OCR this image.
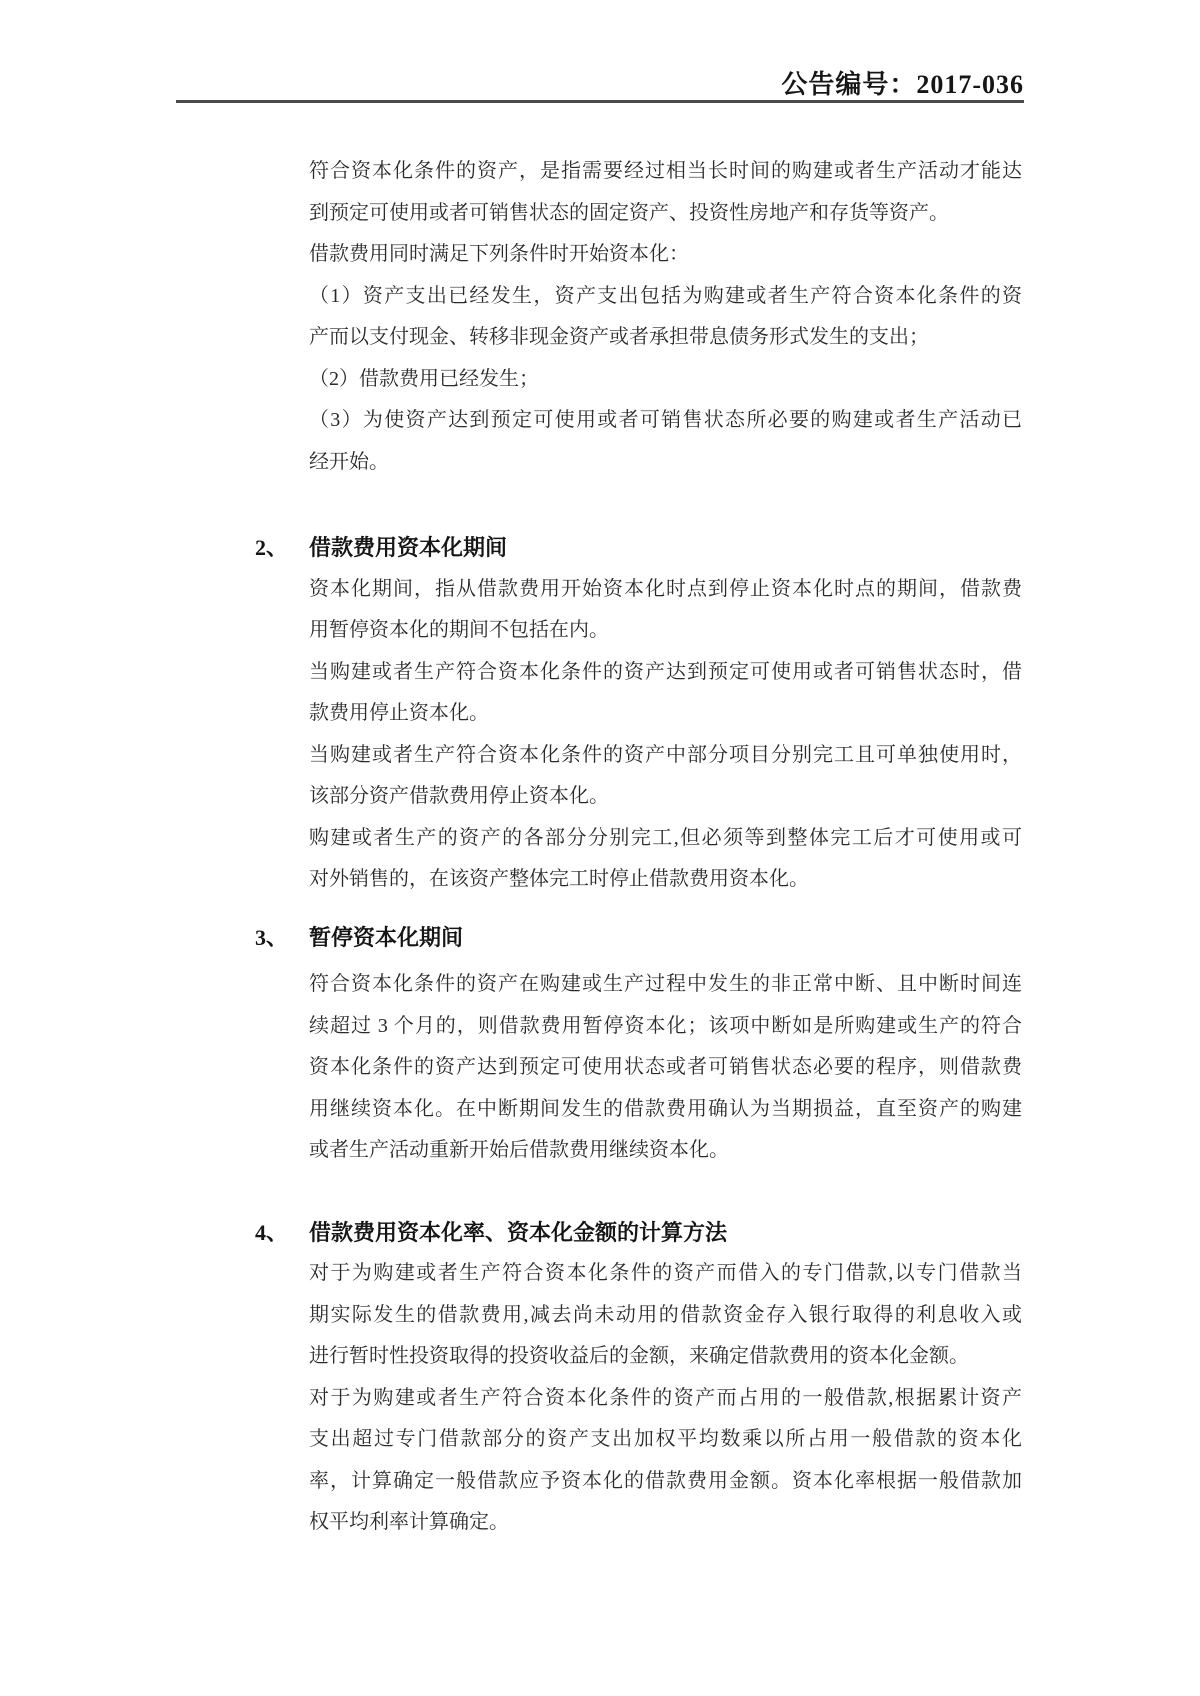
公告编号：2017-036
符合资本化条件的资产，是指需要经过相当长时间的购建或者生产活动才能达
到预定可使用或者可销售状态的固定资产、投资性房地产和存货等资产。
借款费用同时满足下列条件时开始资本化：
（1）资产支出已经发生，资产支出包括为购建或者生产符合资本化条件的资
产而以支付现金、转移非现金资产或者承担带息债务形式发生的支出；
（2）借款费用已经发生；
（3）为使资产达到预定可使用或者可销售状态所必要的购建或者生产活动已
经开始。
2、 借款费用资本化期间
资本化期间，指从借款费用开始资本化时点到停止资本化时点的期间，借款费
用暂停资本化的期间不包括在内。
当购建或者生产符合资本化条件的资产达到预定可使用或者可销售状态时，借
款费用停止资本化。
当购建或者生产符合资本化条件的资产中部分项目分别完工且可单独使用时，
该部分资产借款费用停止资本化。
购建或者生产的资产的各部分分别完工,但必须等到整体完工后才可使用或可
对外销售的，在该资产整体完工时停止借款费用资本化。
3、 暂停资本化期间
符合资本化条件的资产在购建或生产过程中发生的非正常中断、且中断时间连
续超过 3 个月的，则借款费用暂停资本化；该项中断如是所购建或生产的符合
资本化条件的资产达到预定可使用状态或者可销售状态必要的程序，则借款费
用继续资本化。在中断期间发生的借款费用确认为当期损益，直至资产的购建
或者生产活动重新开始后借款费用继续资本化。
4、 借款费用资本化率、资本化金额的计算方法
对于为购建或者生产符合资本化条件的资产而借入的专门借款,以专门借款当
期实际发生的借款费用,减去尚未动用的借款资金存入银行取得的利息收入或
进行暂时性投资取得的投资收益后的金额，来确定借款费用的资本化金额。
对于为购建或者生产符合资本化条件的资产而占用的一般借款,根据累计资产
支出超过专门借款部分的资产支出加权平均数乘以所占用一般借款的资本化
率，计算确定一般借款应予资本化的借款费用金额。资本化率根据一般借款加
权平均利率计算确定。
